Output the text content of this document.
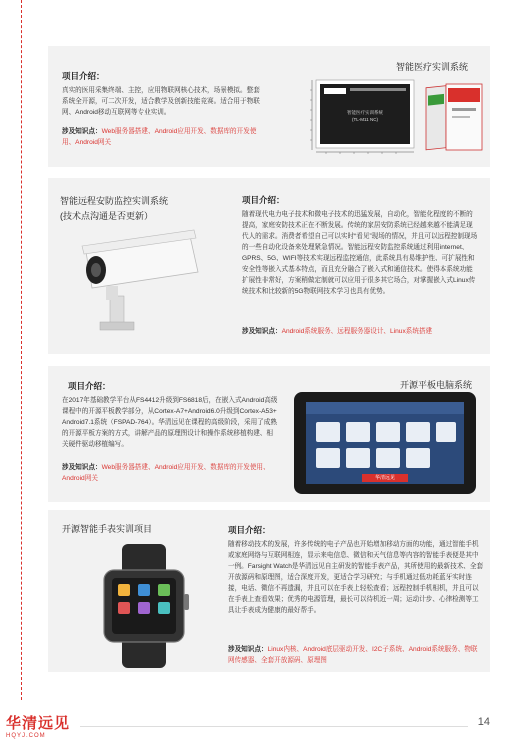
项目介绍：
真实的医用采集终端、主控，应用物联网核心技术，场景模拟。整套系统全开源，可二次开发，适合教学及创新技能竞赛。适合用于物联网、Android移动互联网等专业实训。
涉及知识点：Web服务器搭建、Android应用开发、数据库的开发使用、Android网关
智能医疗实训系统
智能医疗实训系统
(TL-M11 NC)
智能远程安防监控实训系统
(技术点沟通是否更新）
项目介绍：
随着现代电力电子技术和微电子技术的迅猛发展，自动化，智能化程度的不断的提高，家庭安防技术正在不断发展。传统的家居安防系统已经越来越不能满足现代人的需求。消费者希望自己可以实时“看见”现场的情况，并且可以远程控制现场的一些自动化设备来处理紧急情况。智能远程安防监控系统通过利用internet、GPRS、5G、WIFI等技术实现远程监控通信，此系统具有易维护性、可扩展性和安全性等嵌入式基本特点，而且充分融合了嵌入式和通信技术。使得本系统功能扩展性非常好，方案稍做定制就可以应用于很多其它场合，对掌握嵌入式Linux传统技术和比较新的5G物联网技术学习也具有优势。
涉及知识点：Android系统服务、远程服务器设计、Linux系统搭建
项目介绍：
在2017年基础教学平台从FS4412升级到FS6818后，在嵌入式Android高级课程中的开源平板教学部分，从Cortex-A7+Android6.0升级到Cortex-A53+ Android7.1系统（FSPAD-764）。华清远见在课程的高级阶段，采用了成熟的开源平板方案的方式，讲解产品的原理图设计和操作系统移植构建、相关硬件驱动移植编写。
涉及知识点：Web服务器搭建、Android应用开发、数据库的开发使用、Android网关
开源平板电脑系统
华清远见
开源智能手表实训项目	项目介绍：
随着移动技术的发展，许多传统的电子产品也开始增加移动方面的功能，通过智能手机或家庭网络与互联网相连，显示来电信息、微信和天气信息等内容的智能手表便是其中一例。Farsight Watch是华清远见自主研发的智能手表产品，其所使用的最新技术、全套开放源码和原理图，适合深度开发，更适合学习研究；与手机通过低功耗蓝牙实时连接，电话、微信不再遗漏，并且可以在手表上轻松查看；远程控制手机相机，并且可以在手表上查看效果；优秀的电源管理，最长可以待机近一周；运动计步、心律检测等工具让手表成为健康的最好帮手。
涉及知识点：Linux内核、Android底层驱动开发、I2C子系统、Android系统服务、物联网传感器、全套开放源码、原理图
华清远见
HQYJ.COM
14
